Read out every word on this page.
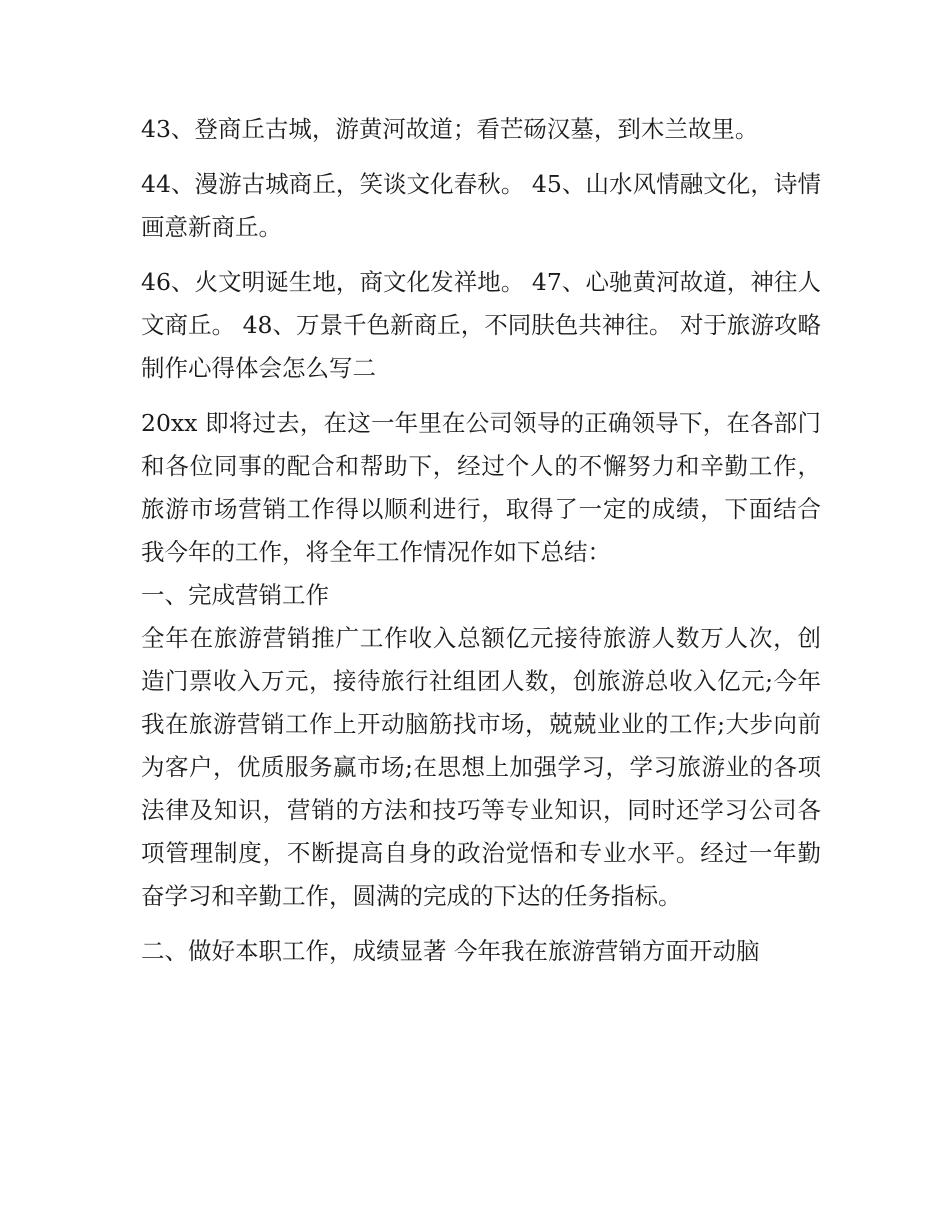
43、登商丘古城，游黄河故道；看芒砀汉墓，到木兰故里。

44、漫游古城商丘，笑谈文化春秋。 45、山水风情融文化，诗情画意新商丘。

46、火文明诞生地，商文化发祥地。 47、心驰黄河故道，神往人文商丘。 48、万景千色新商丘，不同肤色共神往。 对于旅游攻略制作心得体会怎么写二

20xx 即将过去，在这一年里在公司领导的正确领导下，在各部门和各位同事的配合和帮助下，经过个人的不懈努力和辛勤工作，旅游市场营销工作得以顺利进行，取得了一定的成绩，下面结合我今年的工作，将全年工作情况作如下总结：

一、完成营销工作

全年在旅游营销推广工作收入总额亿元接待旅游人数万人次，创造门票收入万元，接待旅行社组团人数，创旅游总收入亿元;今年我在旅游营销工作上开动脑筋找市场，兢兢业业的工作;大步向前为客户，优质服务赢市场;在思想上加强学习，学习旅游业的各项法律及知识，营销的方法和技巧等专业知识，同时还学习公司各项管理制度，不断提高自身的政治觉悟和专业水平。经过一年勤奋学习和辛勤工作，圆满的完成的下达的任务指标。

二、做好本职工作，成绩显著 今年我在旅游营销方面开动脑
